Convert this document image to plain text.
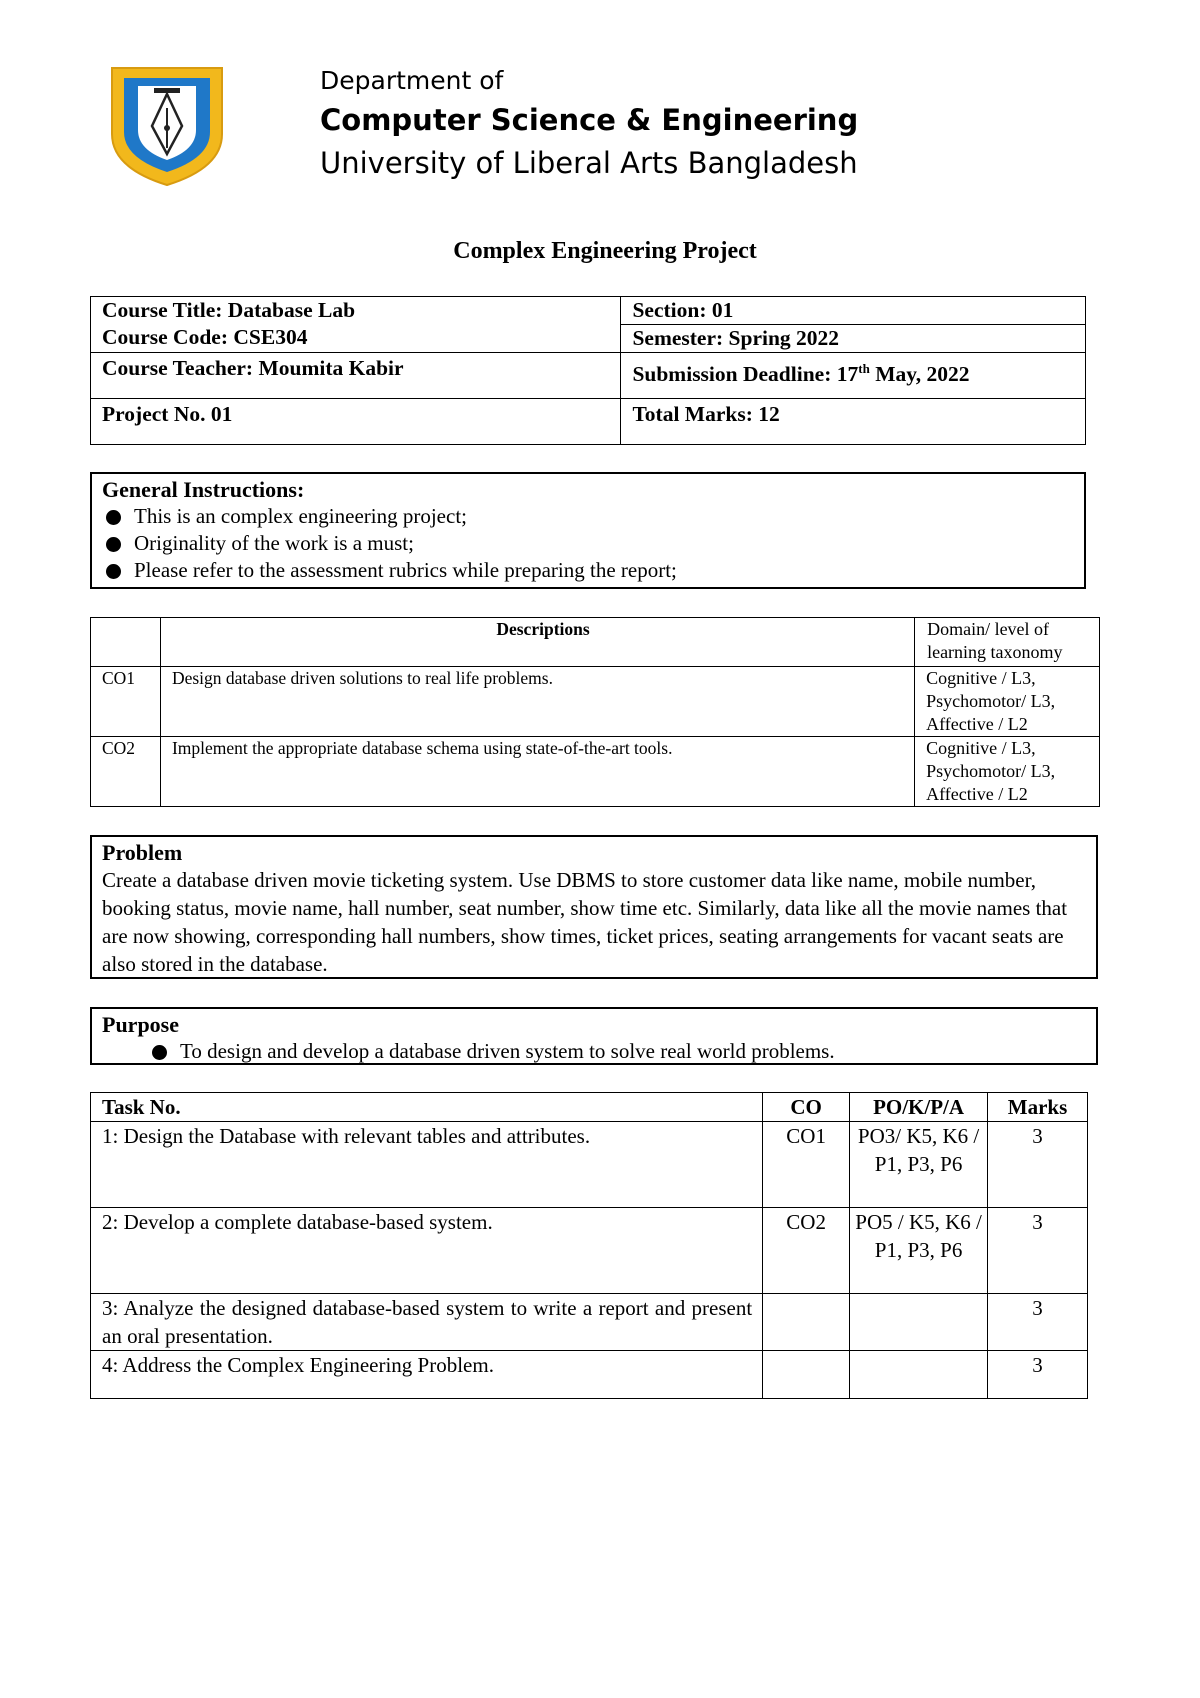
Department of
Computer Science & Engineering
University of Liberal Arts Bangladesh
Complex Engineering Project
Course Title: Database Lab
Course Code: CSE304	Section: 01
	Semester: Spring 2022
Course Teacher: Moumita Kabir	Submission Deadline: 17th May, 2022
Project No. 01	Total Marks: 12
General Instructions:
This is an complex engineering project;
Originality of the work is a must;
Please refer to the assessment rubrics while preparing the report;
	Descriptions	Domain/ level of learning taxonomy
CO1	Design database driven solutions to real life problems.	Cognitive / L3, Psychomotor/ L3, Affective / L2
CO2	Implement the appropriate database schema using state-of-the-art tools.	Cognitive / L3, Psychomotor/ L3, Affective / L2
Problem
Create a database driven movie ticketing system. Use DBMS to store customer data like name, mobile number, booking status, movie name, hall number, seat number, show time etc. Similarly, data like all the movie names that are now showing, corresponding hall numbers, show times, ticket prices, seating arrangements for vacant seats are also stored in the database.
Purpose
To design and develop a database driven system to solve real world problems.
Task No.	CO	PO/K/P/A	Marks
1: Design the Database with relevant tables and attributes.	CO1	PO3/ K5, K6 / P1, P3, P6	3
2: Develop a complete database-based system.	CO2	PO5 / K5, K6 / P1, P3, P6	3
3: Analyze the designed database-based system to write a report and present an oral presentation.			3
4: Address the Complex Engineering Problem.			3
